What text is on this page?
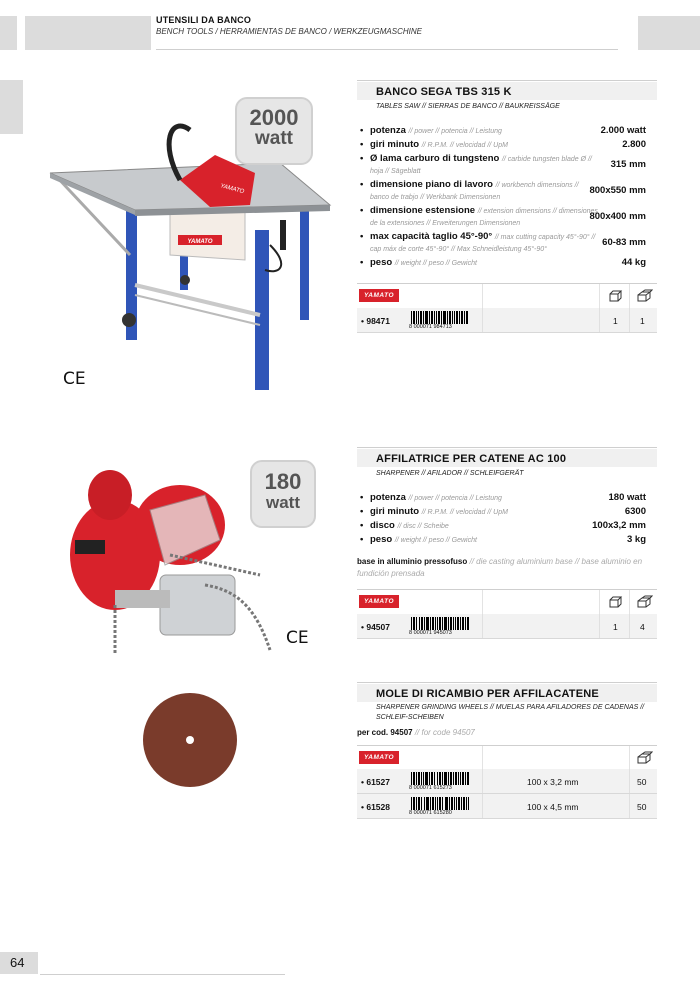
UTENSILI DA BANCO
BENCH TOOLS / HERRAMIENTAS DE BANCO / WERKZEUGMASCHINE
YAMATO
YAMATO
2000
watt
CE
BANCO SEGA TBS 315 K
TABLES SAW // SIERRAS DE BANCO // BAUKREISSÄGE
• potenza // power // potencia // Leistung	2.000 watt
• giri minuto // R.P.M. // velocidad // UpM	2.800
• Ø lama carburo di tungsteno // carbide tungsten blade Ø // hoja // Sägeblatt
315 mm
• dimensione piano di lavoro // workbench dimensions // banco de trabjo // Werkbank Dimensionen
800x550 mm
• dimensione estensione // extension dimensions // dimensiones de la extensiones // Erweiterungen Dimensionen
800x400 mm
• max capacità taglio 45°-90° // max cutting capacity 45°-90° // cap máx de corte 45°-90° // Max Schneidleistung 45°-90°
60-83 mm
• peso // weight // peso // Gewicht	44 kg
YAMATO
• 98471
8 000071 984713
1	1
180
watt
CE
AFFILATRICE PER CATENE AC 100
SHARPENER // AFILADOR // SCHLEIFGERÄT
• potenza // power // potencia // Leistung	180 watt
• giri minuto // R.P.M. // velocidad // UpM	6300
• disco // disc // Scheibe	100x3,2 mm
• peso // weight // peso // Gewicht	3 kg
base in alluminio pressofuso // die casting aluminium base // base aluminio en fundición prensada
YAMATO
• 94507
8 000071 945073
1	4
MOLE DI RICAMBIO PER AFFILACATENE
SHARPENER GRINDING WHEELS // MUELAS PARA AFILADORES DE CADENAS // SCHLEIF-SCHEIBEN
per cod. 94507 // for code 94507
YAMATO
• 61527
8 000071 615273
100 x 3,2 mm	50
• 61528
8 000071 615280
100 x 4,5 mm	50
64
